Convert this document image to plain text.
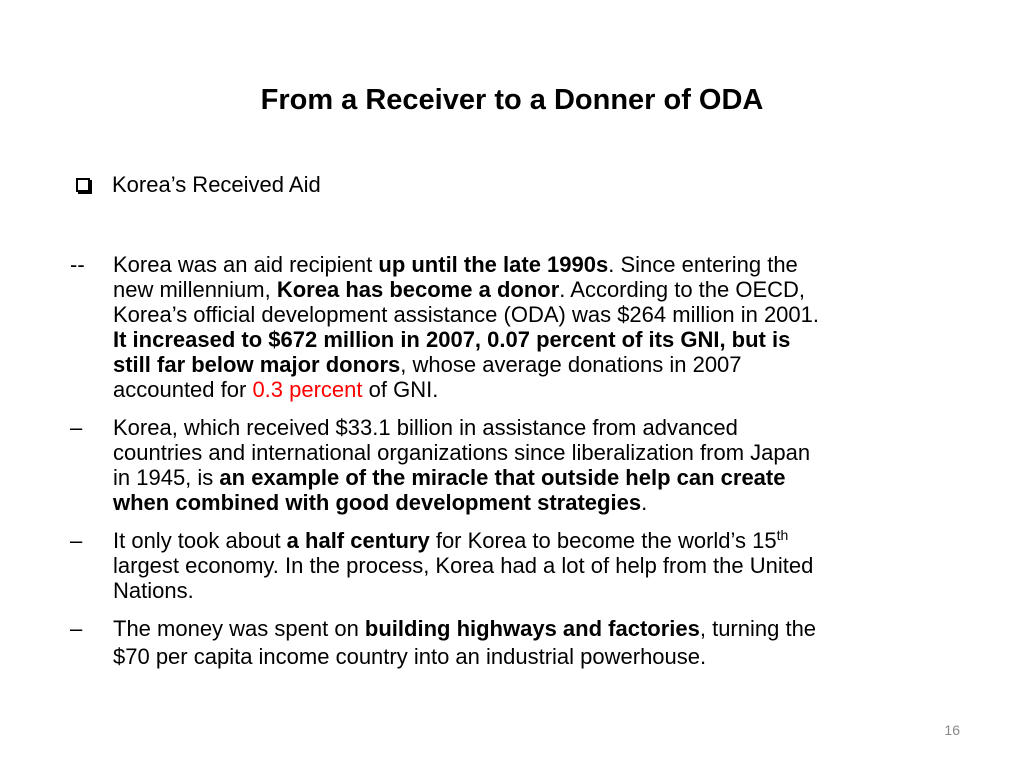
From a Receiver to a Donner of ODA
Korea’s Received Aid
--	Korea was an aid recipient up until the late 1990s. Since entering the
new millennium, Korea has become a donor. According to the OECD,
Korea’s official development assistance (ODA) was $264 million in 2001.
It increased to $672 million in 2007, 0.07 percent of its GNI, but is
still far below major donors, whose average donations in 2007
accounted for 0.3 percent of GNI.
–	Korea, which received $33.1 billion in assistance from advanced
countries and international organizations since liberalization from Japan
in 1945, is an example of the miracle that outside help can create
when combined with good development strategies.
–	It only took about a half century for Korea to become the world’s 15th
largest economy. In the process, Korea had a lot of help from the United
Nations.
–	The money was spent on building highways and factories, turning the
$70 per capita income country into an industrial powerhouse.
16
